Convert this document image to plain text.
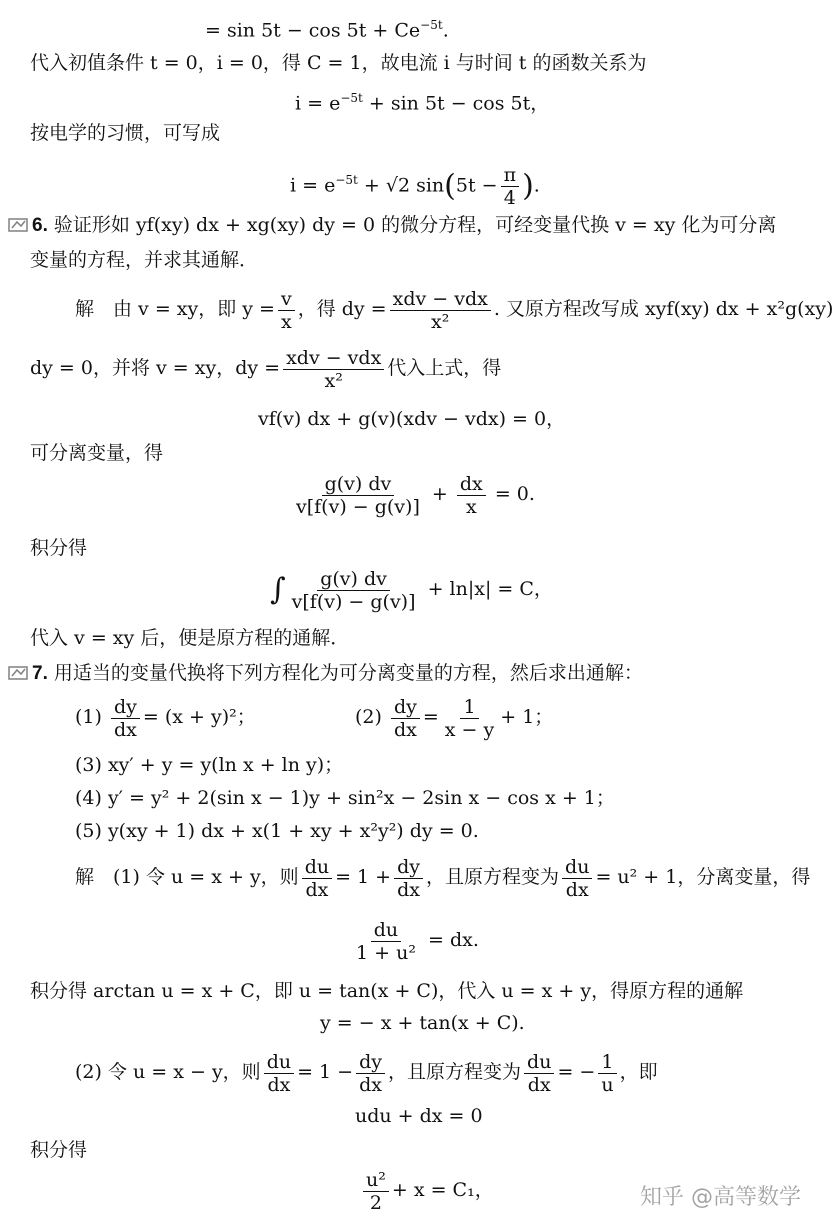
= $\sin 5t - \cos 5t + Ce^{-5t}$.
代入初值条件 t = 0，i = 0，得 C = 1，故电流 i 与时间 t 的函数关系为
$i = e^{-5t} + \sin 5t - \cos 5t$，
按电学的习惯，可写成
$i = e^{-5t} + √2$ $\sin(5t - \frac{\pi}{4}$ ).
6. 验证形如 yf(xy) dx + xg(xy) dy = 0 的微分方程，可经变量代换 v = xy 化为可分离
变量的方程，并求其通解．
解　由 v = xy，即 $y = \frac{v}{x}$ ，得 dy = $\frac{\text{xdv − vdx}}{\text{x²}}$ . 又原方程改写成 xyf(xy) dx + x²g(xy)
dy = 0，并将 v = xy，dy = $\frac{\text{xdv − vdx}}{\text{x²}}$ 代入上式，得
vf(v) dx + g(v)(xdv − vdx) = 0，
可分离变量，得
$\frac{g(v) dv}{v[f(v) - g(v)]} + \frac{dx}{x} = 0$.
积分得
∫ $\frac{g(v) dv}{v[f(v) - g(v)]} + \ln|x| = C$，
代入 v = xy 后，便是原方程的通解．
7. 用适当的变量代换将下列方程化为可分离变量的方程，然后求出通解：
$(1) \frac{dy}{dx} = (x + y)^2$；	$(2) \frac{dy}{dx} = \frac{1}{x - y} + 1$；
(3) xy′ + y = y(ln x + ln y)；
(4) y′ = y² + 2(sin x − 1)y + sin²x − 2sin x − cos x + 1；
(5) y(xy + 1) dx + x(1 + xy + x²y²) dy = 0.
解　(1) 令 u = x + y，则 $\frac{du}{dx} = 1 + \frac{dy}{dx}$ ，且原方程变为 $\frac{du}{dx} = u^2 + 1$，分离变量，得
$\frac{du}{\text{1 + u²}}$ = dx.
积分得 arctan u = x + C，即 u = tan(x + C)，代入 u = x + y，得原方程的通解
y = − x + tan(x + C).
(2) 令 u = x − y，则 $\frac{du}{dx} = 1 - \frac{dy}{dx}$ ，且原方程变为 $\frac{du}{dx}$ = − $\frac{1}{u}$ ，即
udu + dx = 0
积分得
$\frac{\text{u²}}{2} + x = C_1$，	知乎 @高等数学
